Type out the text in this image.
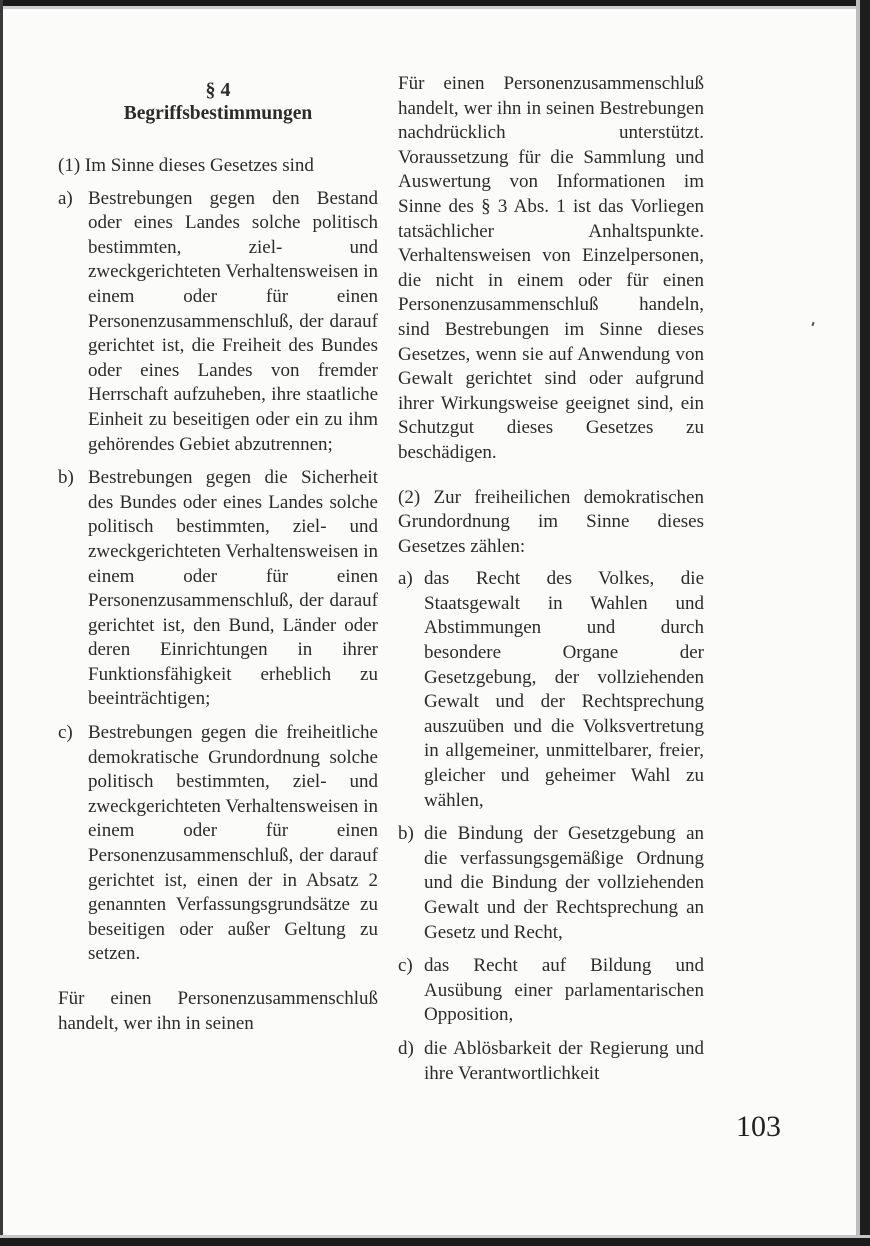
§ 4
Begriffsbestimmungen

(1) Im Sinne dieses Gesetzes sind

a) Bestrebungen gegen den Bestand oder eines Landes solche politisch bestimmten, ziel- und zweckgerichteten Verhaltensweisen in einem oder für einen Personenzusammenschluß, der darauf gerichtet ist, die Freiheit des Bundes oder eines Landes von fremder Herrschaft aufzuheben, ihre staatliche Einheit zu beseitigen oder ein zu ihm gehörendes Gebiet abzutrennen;
b) Bestrebungen gegen die Sicherheit des Bundes oder eines Landes solche politisch bestimmten, ziel- und zweckgerichteten Verhaltensweisen in einem oder für einen Personenzusammenschluß, der darauf gerichtet ist, den Bund, Länder oder deren Einrichtungen in ihrer Funktionsfähigkeit erheblich zu beeinträchtigen;
c) Bestrebungen gegen die freiheitliche demokratische Grundordnung solche politisch bestimmten, ziel- und zweckgerichteten Verhaltensweisen in einem oder für einen Personenzusammenschluß, der darauf gerichtet ist, einen der in Absatz 2 genannten Verfassungsgrundsätze zu beseitigen oder außer Geltung zu setzen.

Für einen Personenzusammenschluß handelt, wer ihn in seinen

Für einen Personenzusammenschluß handelt, wer ihn in seinen Bestrebungen nachdrücklich unterstützt. Voraussetzung für die Sammlung und Auswertung von Informationen im Sinne des § 3 Abs. 1 ist das Vorliegen tatsächlicher Anhaltspunkte. Verhaltensweisen von Einzelpersonen, die nicht in einem oder für einen Personenzusammenschluß handeln, sind Bestrebungen im Sinne dieses Gesetzes, wenn sie auf Anwendung von Gewalt gerichtet sind oder aufgrund ihrer Wirkungsweise geeignet sind, ein Schutzgut dieses Gesetzes zu beschädigen.

(2) Zur freiheilichen demokratischen Grundordnung im Sinne dieses Gesetzes zählen:

a) das Recht des Volkes, die Staatsgewalt in Wahlen und Abstimmungen und durch besondere Organe der Gesetzgebung, der vollziehenden Gewalt und der Rechtsprechung auszuüben und die Volksvertretung in allgemeiner, unmittelbarer, freier, gleicher und geheimer Wahl zu wählen,
b) die Bindung der Gesetzgebung an die verfassungsgemäßige Ordnung und die Bindung der vollziehenden Gewalt und der Rechtsprechung an Gesetz und Recht,
c) das Recht auf Bildung und Ausübung einer parlamentarischen Opposition,
d) die Ablösbarkeit der Regierung und ihre Verantwortlichkeit
103
